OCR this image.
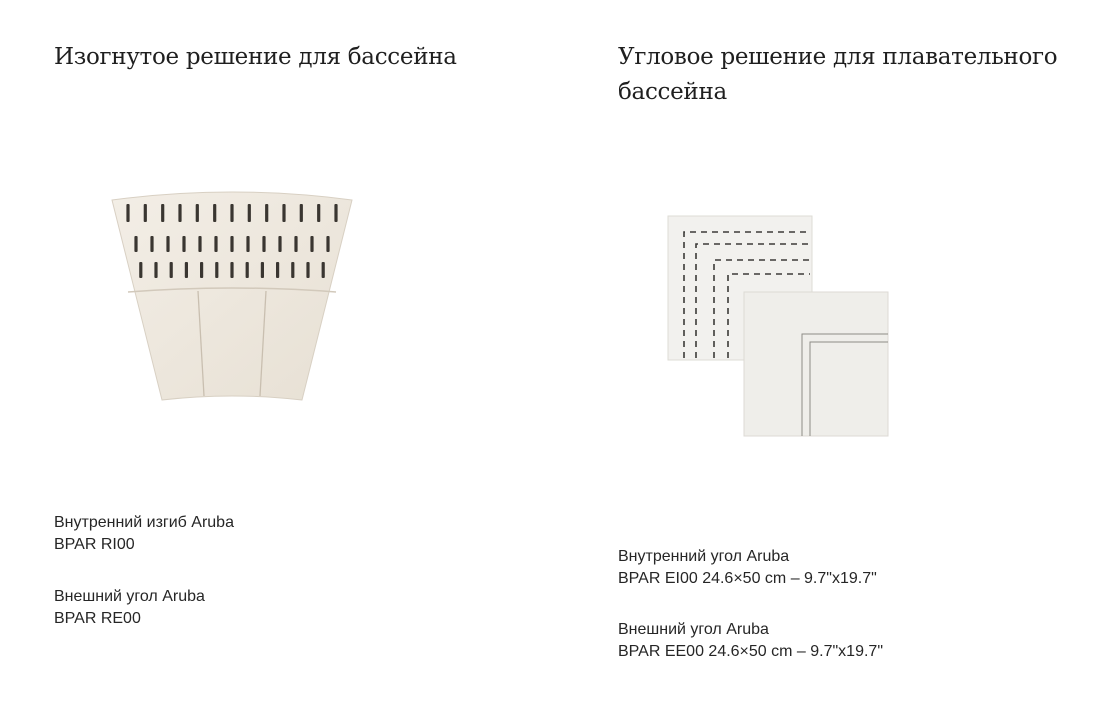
Изогнутое решение для бассейна
Внутренний изгиб Aruba
BPAR RI00
Внешний угол Aruba
BPAR RE00
Угловое решение для плавательного бассейна
Внутренний угол Aruba
BPAR EI00 24.6×50 cm – 9.7"x19.7"
Внешний угол Aruba
BPAR EE00 24.6×50 cm – 9.7"x19.7"
